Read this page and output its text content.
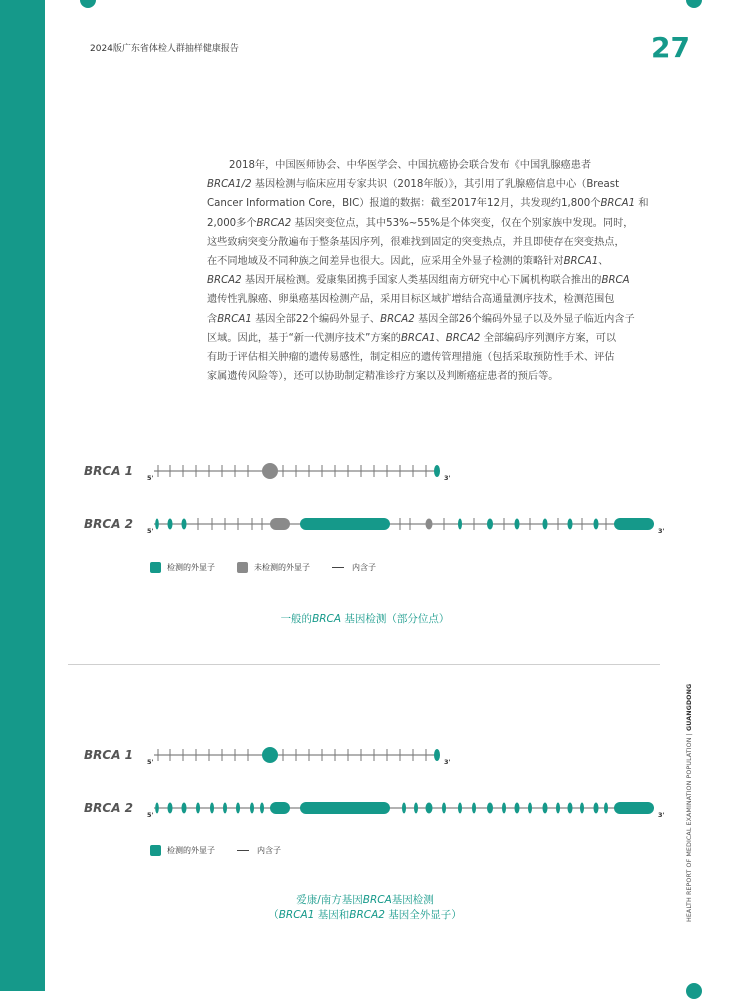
2024版广东省体检人群抽样健康报告	27
2018年，中国医师协会、中华医学会、中国抗癌协会联合发布《中国乳腺癌患者
BRCA1/2 基因检测与临床应用专家共识（2018年版）》，其引用了乳腺癌信息中心（Breast
Cancer Information Core，BIC）报道的数据：截至2017年12月，共发现约1,800个BRCA1 和
2,000多个BRCA2 基因突变位点，其中53%~55%是个体突变，仅在个别家族中发现。同时，
这些致病突变分散遍布于整条基因序列，很难找到固定的突变热点，并且即使存在突变热点，
在不同地域及不同种族之间差异也很大。因此，应采用全外显子检测的策略针对BRCA1、
BRCA2 基因开展检测。爱康集团携手国家人类基因组南方研究中心下属机构联合推出的BRCA
遗传性乳腺癌、卵巢癌基因检测产品，采用目标区域扩增结合高通量测序技术，检测范围包
含BRCA1 基因全部22个编码外显子、BRCA2 基因全部26个编码外显子以及外显子临近内含子
区域。因此，基于“新一代测序技术”方案的BRCA1、BRCA2 全部编码序列测序方案，可以
有助于评估相关肿瘤的遗传易感性，制定相应的遗传管理措施（包括采取预防性手术、评估
家属遗传风险等），还可以协助制定精准诊疗方案以及判断癌症患者的预后等。
BRCA 1 5'	3'
BRCA 2 5'	3'
BRCA 1 5'	3'
BRCA 2 5'	3'
检测的外显子	未检测的外显子	内含子
一般的BRCA 基因检测（部分位点）
检测的外显子	内含子
爱康/南方基因BRCA基因检测
（BRCA1 基因和BRCA2 基因全外显子）	HEALTH REPORT OF MEDICAL EXAMINATION POPULATION | GUANGDONG
